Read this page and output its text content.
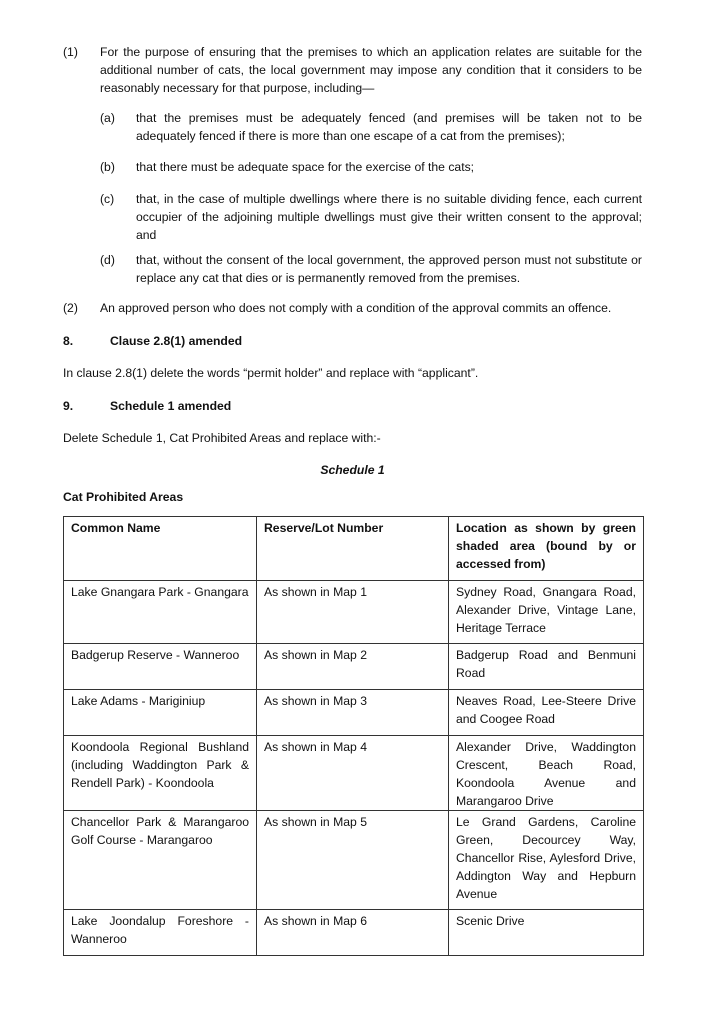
(1) For the purpose of ensuring that the premises to which an application relates are suitable for the additional number of cats, the local government may impose any condition that it considers to be reasonably necessary for that purpose, including—
(a) that the premises must be adequately fenced (and premises will be taken not to be adequately fenced if there is more than one escape of a cat from the premises);
(b) that there must be adequate space for the exercise of the cats;
(c) that, in the case of multiple dwellings where there is no suitable dividing fence, each current occupier of the adjoining multiple dwellings must give their written consent to the approval; and
(d) that, without the consent of the local government, the approved person must not substitute or replace any cat that dies or is permanently removed from the premises.
(2) An approved person who does not comply with a condition of the approval commits an offence.
8.	Clause 2.8(1) amended
In clause 2.8(1) delete the words “permit holder” and replace with “applicant”.
9.	Schedule 1 amended
Delete Schedule 1, Cat Prohibited Areas and replace with:-
Schedule 1
Cat Prohibited Areas
Common Name	Reserve/Lot Number	Location as shown by green shaded area (bound by or accessed from)
Lake Gnangara Park - Gnangara	As shown in Map 1	Sydney Road, Gnangara Road, Alexander Drive, Vintage Lane, Heritage Terrace
Badgerup Reserve - Wanneroo	As shown in Map 2	Badgerup Road and Benmuni Road
Lake Adams - Mariginiup	As shown in Map 3	Neaves Road, Lee-Steere Drive and Coogee Road
Koondoola Regional Bushland (including Waddington Park & Rendell Park) - Koondoola	As shown in Map 4	Alexander Drive, Waddington Crescent, Beach Road, Koondoola Avenue and Marangaroo Drive
Chancellor Park & Marangaroo Golf Course - Marangaroo	As shown in Map 5	Le Grand Gardens, Caroline Green, Decourcey Way, Chancellor Rise, Aylesford Drive, Addington Way and Hepburn Avenue
Lake Joondalup Foreshore - Wanneroo	As shown in Map 6	Scenic Drive
